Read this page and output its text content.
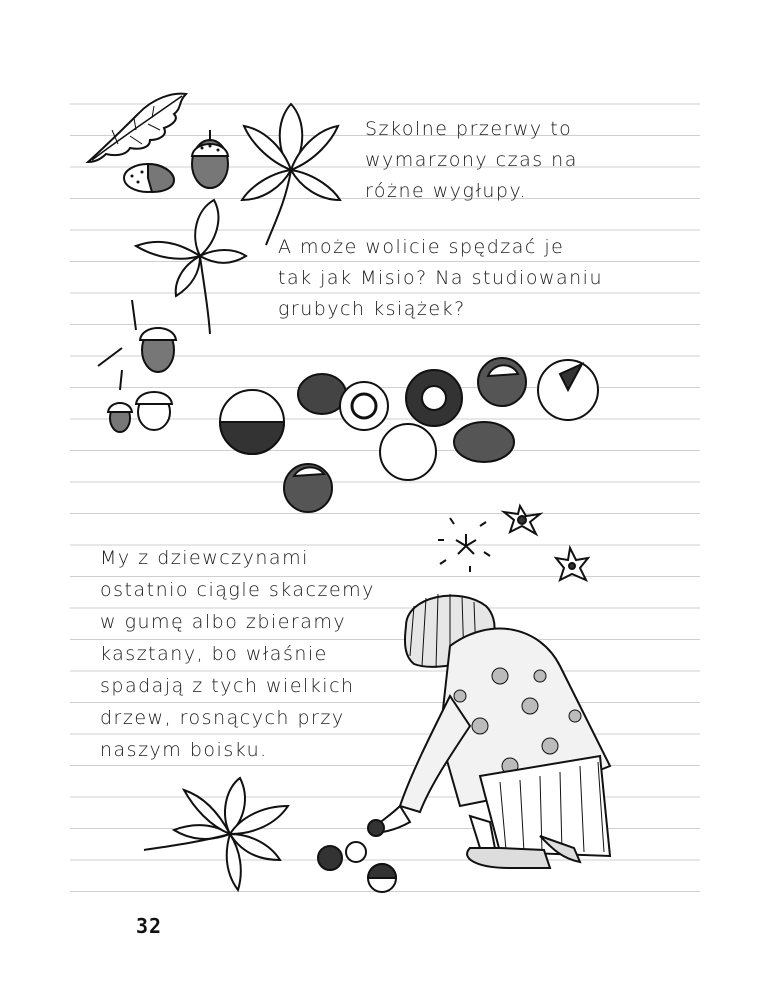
Szkolne przerwy to
wymarzony czas na
różne wygłupy.
A może wolicie spędzać je
tak jak Misio? Na studiowaniu
grubych książek?
My z dziewczynami
ostatnio ciągle skaczemy
w gumę albo zbieramy
kasztany, bo właśnie
spadają z tych wielkich
drzew, rosnących przy
naszym boisku.
32
